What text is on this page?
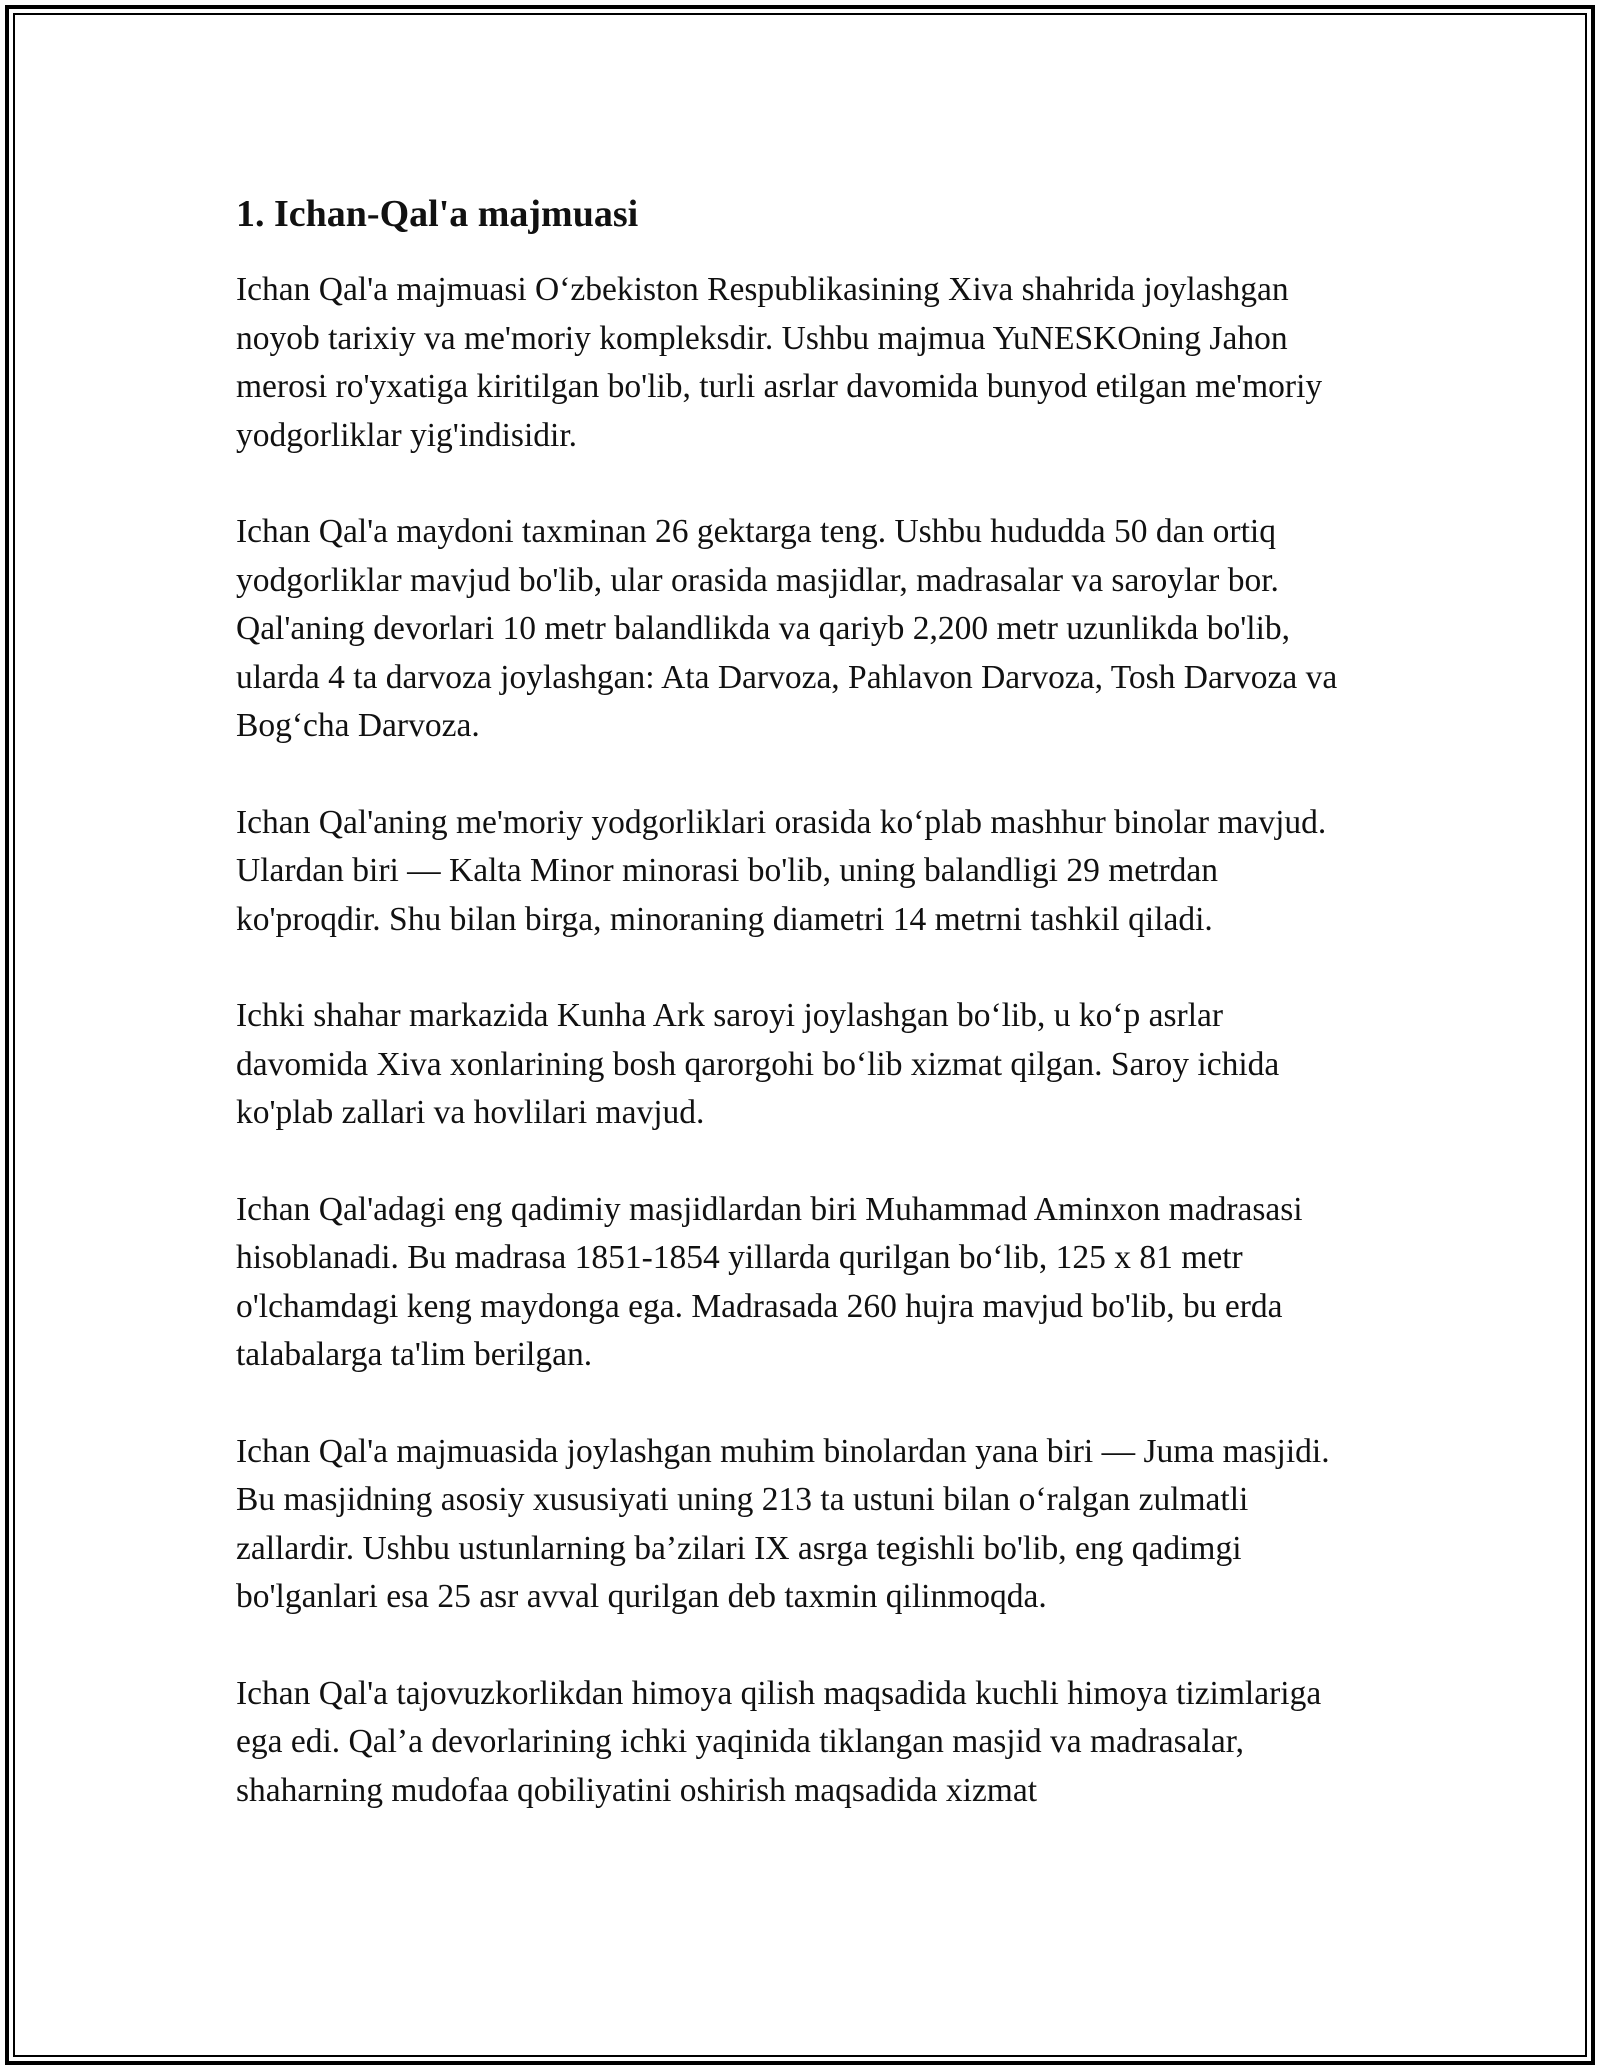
1. Ichan-Qal'a majmuasi

Ichan Qal'a majmuasi O‘zbekiston Respublikasining Xiva shahrida joylashgan noyob tarixiy va me'moriy kompleksdir. Ushbu majmua YuNESKOning Jahon merosi ro'yxatiga kiritilgan bo'lib, turli asrlar davomida bunyod etilgan me'moriy yodgorliklar yig'indisidir.

Ichan Qal'a maydoni taxminan 26 gektarga teng. Ushbu hududda 50 dan ortiq yodgorliklar mavjud bo'lib, ular orasida masjidlar, madrasalar va saroylar bor. Qal'aning devorlari 10 metr balandlikda va qariyb 2,200 metr uzunlikda bo'lib, ularda 4 ta darvoza joylashgan: Ata Darvoza, Pahlavon Darvoza, Tosh Darvoza va Bog‘cha Darvoza.

Ichan Qal'aning me'moriy yodgorliklari orasida ko‘plab mashhur binolar mavjud. Ulardan biri — Kalta Minor minorasi bo'lib, uning balandligi 29 metrdan ko'proqdir. Shu bilan birga, minoraning diametri 14 metrni tashkil qiladi.

Ichki shahar markazida Kunha Ark saroyi joylashgan bo‘lib, u ko‘p asrlar davomida Xiva xonlarining bosh qarorgohi bo‘lib xizmat qilgan. Saroy ichida ko'plab zallari va hovlilari mavjud.

Ichan Qal'adagi eng qadimiy masjidlardan biri Muhammad Aminxon madrasasi hisoblanadi. Bu madrasa 1851-1854 yillarda qurilgan bo‘lib, 125 x 81 metr o'lchamdagi keng maydonga ega. Madrasada 260 hujra mavjud bo'lib, bu erda talabalarga ta'lim berilgan.

Ichan Qal'a majmuasida joylashgan muhim binolardan yana biri — Juma masjidi. Bu masjidning asosiy xususiyati uning 213 ta ustuni bilan o‘ralgan zulmatli zallardir. Ushbu ustunlarning ba’zilari IX asrga tegishli bo'lib, eng qadimgi bo'lganlari esa 25 asr avval qurilgan deb taxmin qilinmoqda.

Ichan Qal'a tajovuzkorlikdan himoya qilish maqsadida kuchli himoya tizimlariga ega edi. Qal’a devorlarining ichki yaqinida tiklangan masjid va madrasalar, shaharning mudofaa qobiliyatini oshirish maqsadida xizmat
